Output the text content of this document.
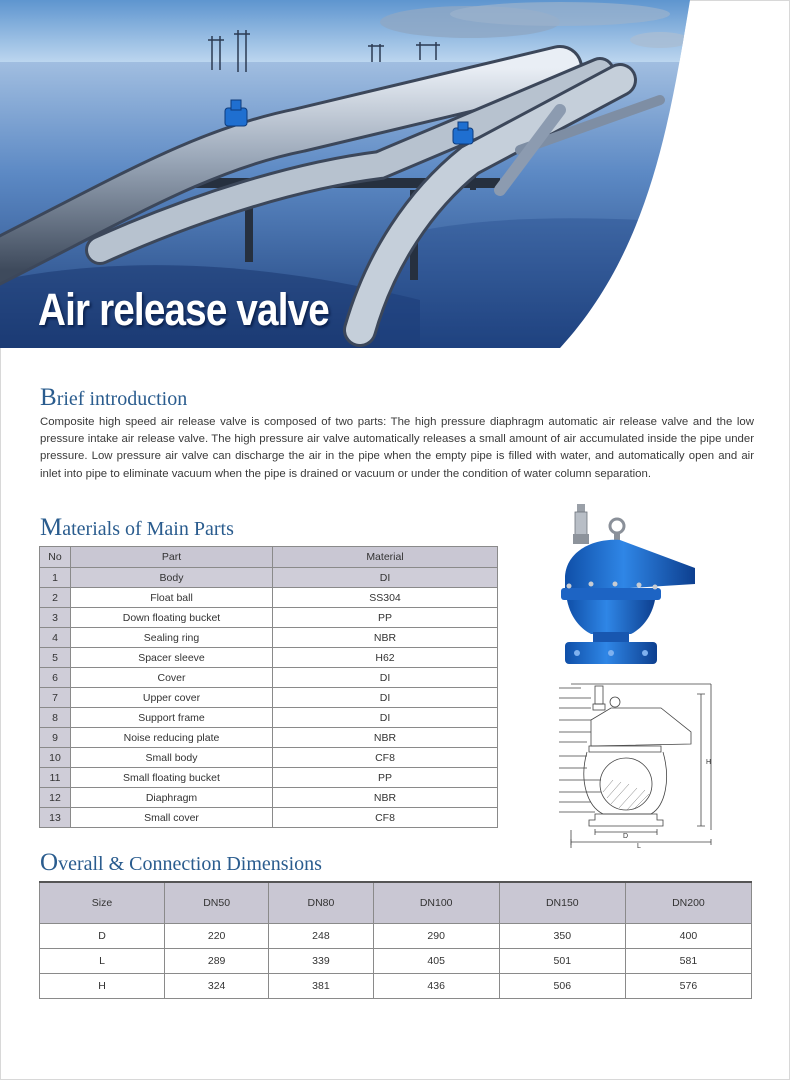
Air release valve
Brief introduction

Composite high speed air release valve is composed of two parts: The high pressure diaphragm automatic air release valve and the low pressure intake air release valve. The high pressure air valve automatically releases a small amount of air accumulated inside the pipe under pressure. Low pressure air valve can discharge the air in the pipe when the empty pipe is filled with water, and automatically open and air inlet into pipe to eliminate vacuum when the pipe is drained or vacuum or under the condition of water column separation.

Materials of Main Parts
No	Part	Material
1	Body	DI
2	Float ball	SS304
3	Down floating bucket	PP
4	Sealing ring	NBR
5	Spacer sleeve	H62
6	Cover	DI
7	Upper cover	DI
8	Support frame	DI
9	Noise reducing plate	NBR
10	Small body	CF8
11	Small floating bucket	PP
12	Diaphragm	NBR
13	Small cover	CF8
H
D
L
Overall & Connection Dimensions
Size	DN50	DN80	DN100	DN150	DN200
D	220	248	290	350	400
L	289	339	405	501	581
H	324	381	436	506	576
